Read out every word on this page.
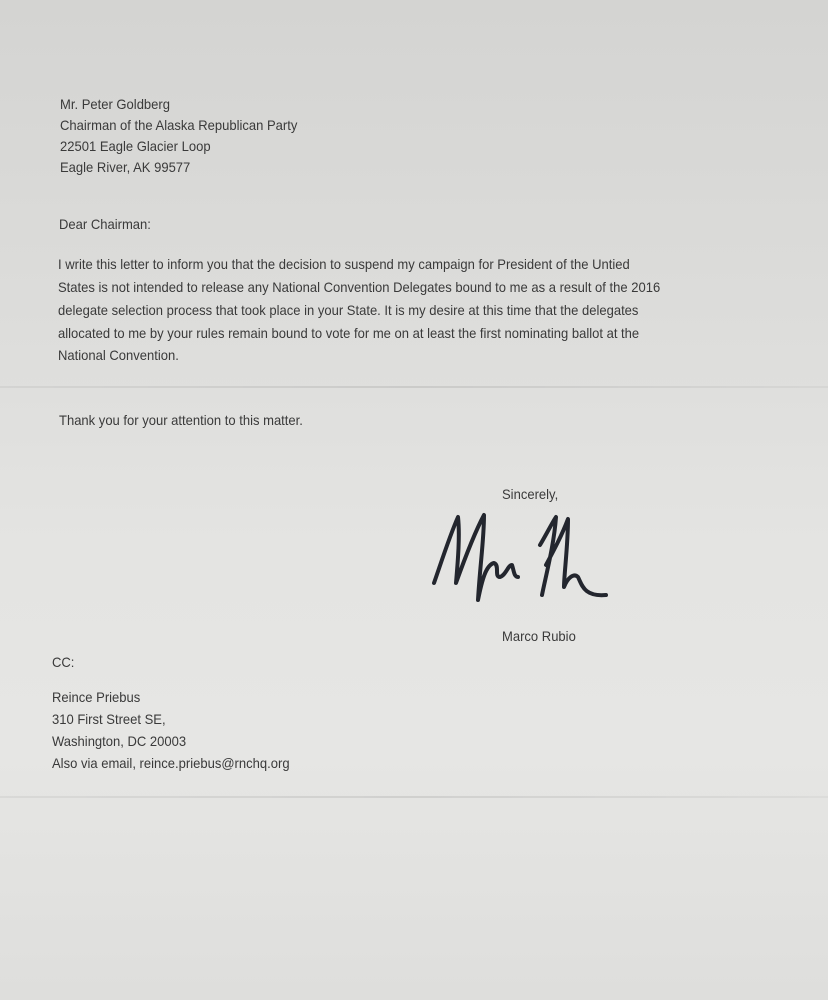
Mr. Peter Goldberg
Chairman of the Alaska Republican Party
22501 Eagle Glacier Loop
Eagle River, AK 99577
Dear Chairman:
I write this letter to inform you that the decision to suspend my campaign for President of the Untied
States is not intended to release any National Convention Delegates bound to me as a result of the 2016
delegate selection process that took place in your State. It is my desire at this time that the delegates
allocated to me by your rules remain bound to vote for me on at least the first nominating ballot at the
National Convention.
Thank you for your attention to this matter.
Sincerely,
Marco Rubio
CC:
Reince Priebus
310 First Street SE,
Washington, DC 20003
Also via email, reince.priebus@rnchq.org
